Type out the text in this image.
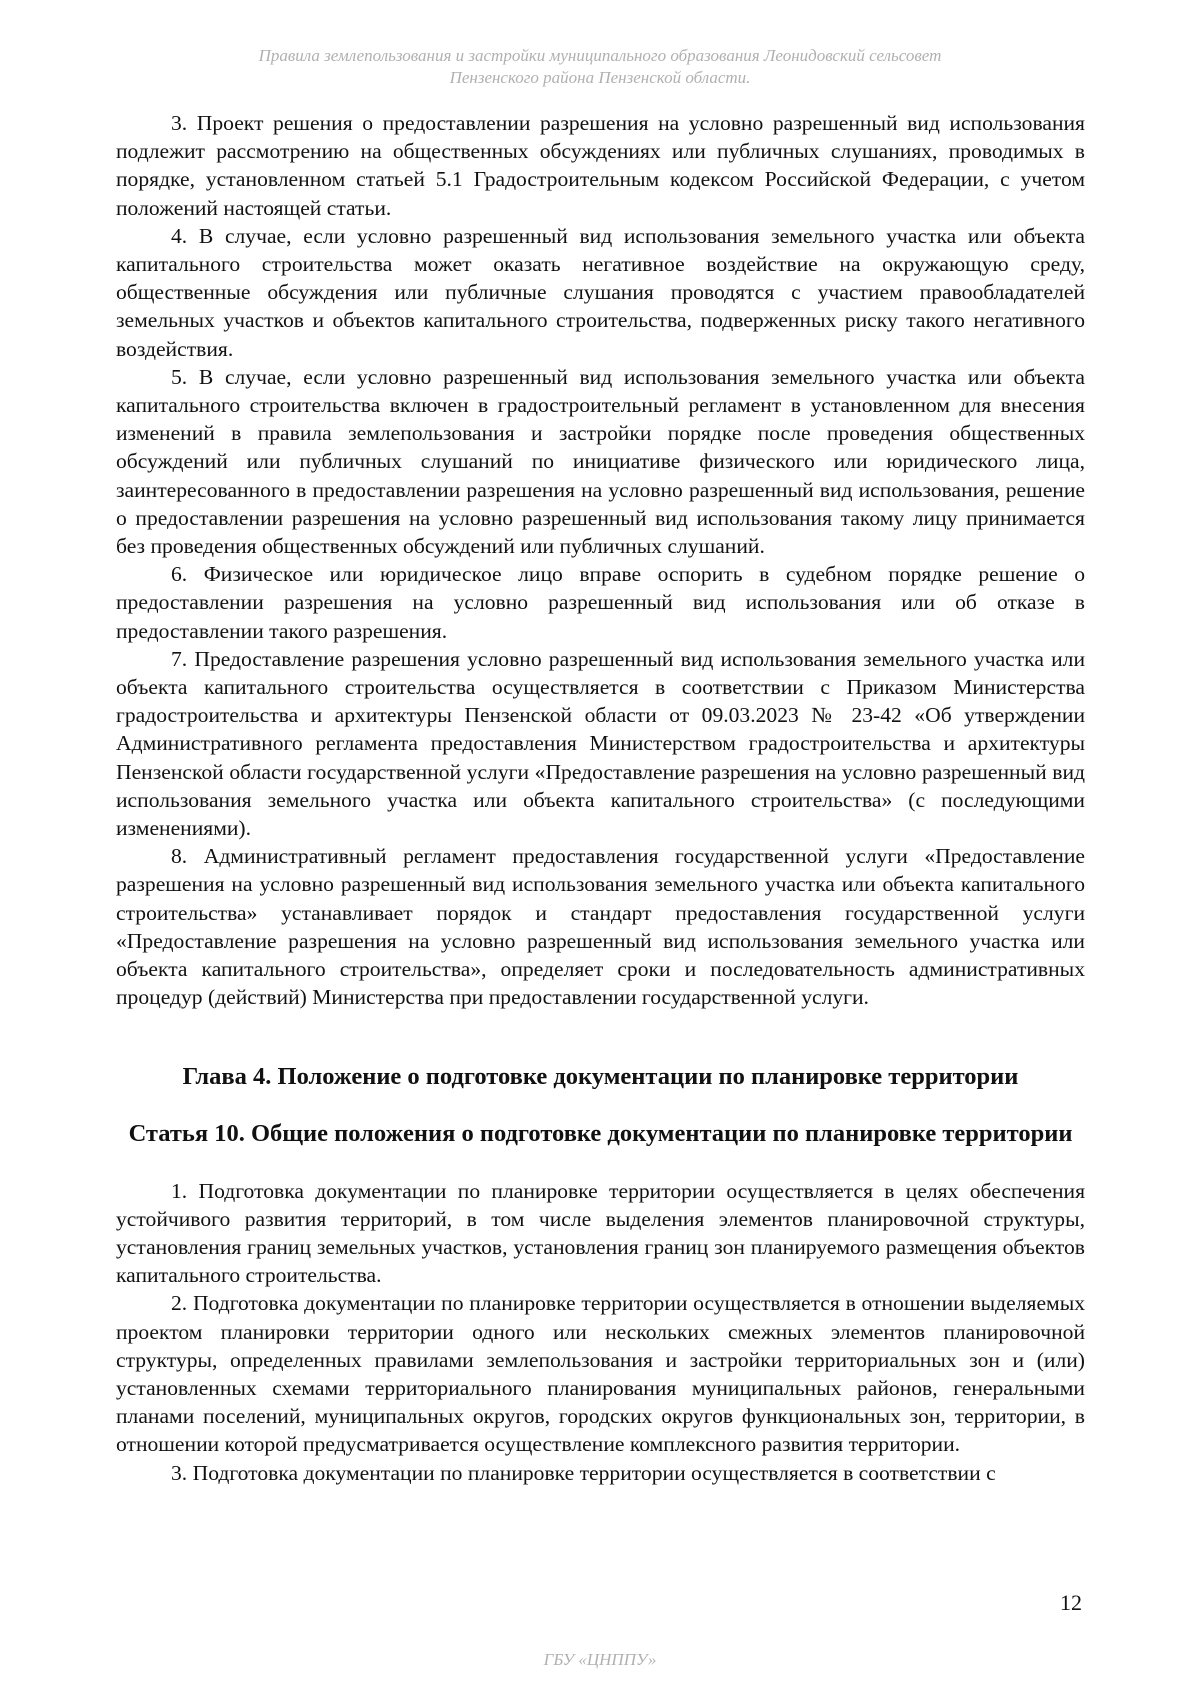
Правила землепользования и застройки муниципального образования Леонидовский сельсовет
Пензенского района Пензенской области.

3. Проект решения о предоставлении разрешения на условно разрешенный вид использования подлежит рассмотрению на общественных обсуждениях или публичных слушаниях, проводимых в порядке, установленном статьей 5.1 Градостроительным кодексом Российской Федерации, с учетом положений настоящей статьи.

4. В случае, если условно разрешенный вид использования земельного участка или объекта капитального строительства может оказать негативное воздействие на окружающую среду, общественные обсуждения или публичные слушания проводятся с участием правообладателей земельных участков и объектов капитального строительства, подверженных риску такого негативного воздействия.

5. В случае, если условно разрешенный вид использования земельного участка или объекта капитального строительства включен в градостроительный регламент в установленном для внесения изменений в правила землепользования и застройки порядке после проведения общественных обсуждений или публичных слушаний по инициативе физического или юридического лица, заинтересованного в предоставлении разрешения на условно разрешенный вид использования, решение о предоставлении разрешения на условно разрешенный вид использования такому лицу принимается без проведения общественных обсуждений или публичных слушаний.

6. Физическое или юридическое лицо вправе оспорить в судебном порядке решение о предоставлении разрешения на условно разрешенный вид использования или об отказе в предоставлении такого разрешения.

7. Предоставление разрешения условно разрешенный вид использования земельного участка или объекта капитального строительства осуществляется в соответствии с Приказом Министерства градостроительства и архитектуры Пензенской области от 09.03.2023 № 23-42 «Об утверждении Административного регламента предоставления Министерством градостроительства и архитектуры Пензенской области государственной услуги «Предоставление разрешения на условно разрешенный вид использования земельного участка или объекта капитального строительства» (с последующими изменениями).

8. Административный регламент предоставления государственной услуги «Предоставление разрешения на условно разрешенный вид использования земельного участка или объекта капитального строительства» устанавливает порядок и стандарт предоставления государственной услуги «Предоставление разрешения на условно разрешенный вид использования земельного участка или объекта капитального строительства», определяет сроки и последовательность административных процедур (действий) Министерства при предоставлении государственной услуги.

Глава 4. Положение о подготовке документации по планировке территории
Статья 10. Общие положения о подготовке документации по планировке территории

1. Подготовка документации по планировке территории осуществляется в целях обеспечения устойчивого развития территорий, в том числе выделения элементов планировочной структуры, установления границ земельных участков, установления границ зон планируемого размещения объектов капитального строительства.

2. Подготовка документации по планировке территории осуществляется в отношении выделяемых проектом планировки территории одного или нескольких смежных элементов планировочной структуры, определенных правилами землепользования и застройки территориальных зон и (или) установленных схемами территориального планирования муниципальных районов, генеральными планами поселений, муниципальных округов, городских округов функциональных зон, территории, в отношении которой предусматривается осуществление комплексного развития территории.

3. Подготовка документации по планировке территории осуществляется в соответствии с

12
ГБУ «ЦНППУ»
